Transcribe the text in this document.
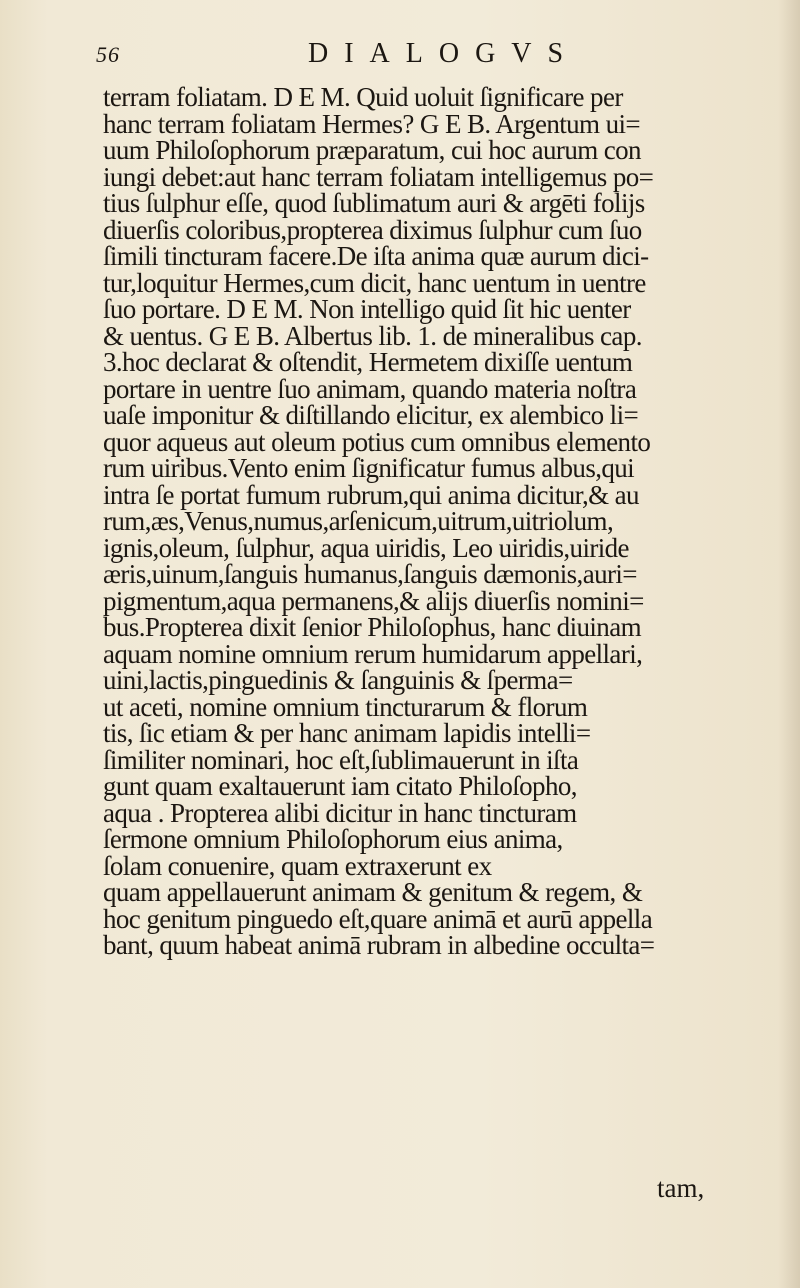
56	DIALOGVS
terram foliatam. D E M. Quid uoluit ſignificare per
hanc terram foliatam Hermes? G E B. Argentum ui=
uum Philoſophorum præparatum, cui hoc aurum con
iungi debet:aut hanc terram foliatam intelligemus po=
tius ſulphur eſſe, quod ſublimatum auri & argēti folijs
diuerſis coloribus,propterea diximus ſulphur cum ſuo
ſimili tincturam facere.De iſta anima quæ aurum dici-
tur,loquitur Hermes,cum dicit, hanc uentum in uentre
ſuo portare. D E M. Non intelligo quid ſit hic uenter
& uentus. G E B. Albertus lib. 1. de mineralibus cap.
3.hoc declarat & oſtendit, Hermetem dixiſſe uentum
portare in uentre ſuo animam, quando materia noſtra
uaſe imponitur & diſtillando elicitur, ex alembico li=
quor aqueus aut oleum potius cum omnibus elemento
rum uiribus.Vento enim ſignificatur fumus albus,qui
intra ſe portat fumum rubrum,qui anima dicitur,& au
rum,æs,Venus,numus,arſenicum,uitrum,uitriolum,
ignis,oleum, ſulphur, aqua uiridis, Leo uiridis,uiride
æris,uinum,ſanguis humanus,ſanguis dæmonis,auri=
pigmentum,aqua permanens,& alijs diuerſis nomini=
bus.Propterea dixit ſenior Philoſophus, hanc diuinam
aquam nomine omnium rerum humidarum appellari,
uini,lactis,pinguedinis & ſanguinis & ſperma=
ut aceti, nomine omnium tincturarum & florum
tis, ſic etiam & per hanc animam lapidis intelli=
ſimiliter nominari, hoc eſt,ſublimauerunt in iſta
gunt quam exaltauerunt iam citato Philoſopho,
aqua . Propterea alibi dicitur in hanc tincturam
ſermone omnium Philoſophorum eius anima,
ſolam conuenire, quam extraxerunt ex
quam appellauerunt animam & genitum & regem, &
hoc genitum pinguedo eſt,quare animā et aurū appella
bant, quum habeat animā rubram in albedine occulta=
tam,
